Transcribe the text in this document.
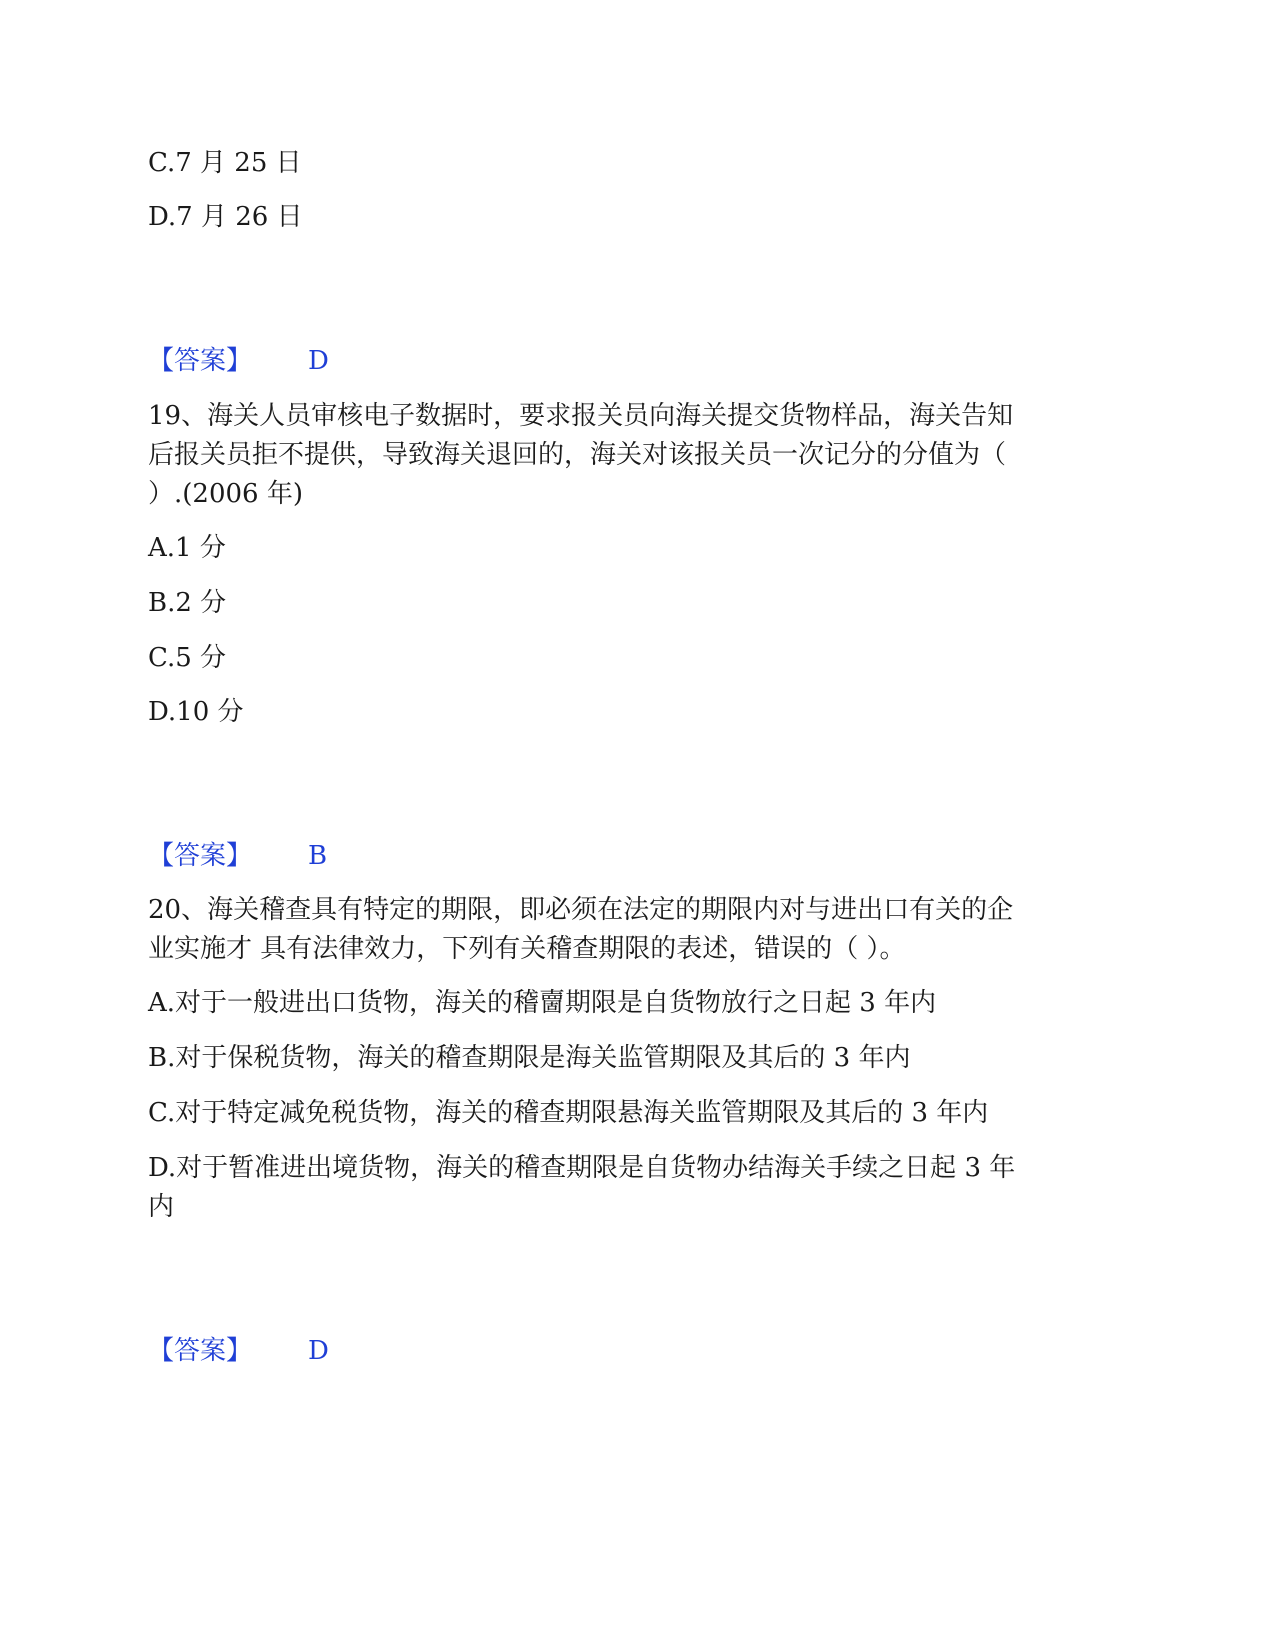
C.7 月 25 日
D.7 月 26 日
【答案】 D
19、海关人员审核电子数据时，要求报关员向海关提交货物样品，海关告知
后报关员拒不提供，导致海关退回的，海关对该报关员一次记分的分值为（
）.(2006 年)
A.1 分
B.2 分
C.5 分
D.10 分
【答案】 B
20、海关稽查具有特定的期限，即必须在法定的期限内对与进出口有关的企
业实施才 具有法律效力，下列有关稽查期限的表述，错误的（ ）。
A.对于一般进出口货物，海关的稽夁期限是自货物放行之日起 3 年内
B.对于保税货物，海关的稽查期限是海关监管期限及其后的 3 年内
C.对于特定减免税货物，海关的稽查期限悬海关监管期限及其后的 3 年内
D.对于暂准进出境货物，海关的稽查期限是自货物办结海关手续之日起 3 年
内
【答案】 D
